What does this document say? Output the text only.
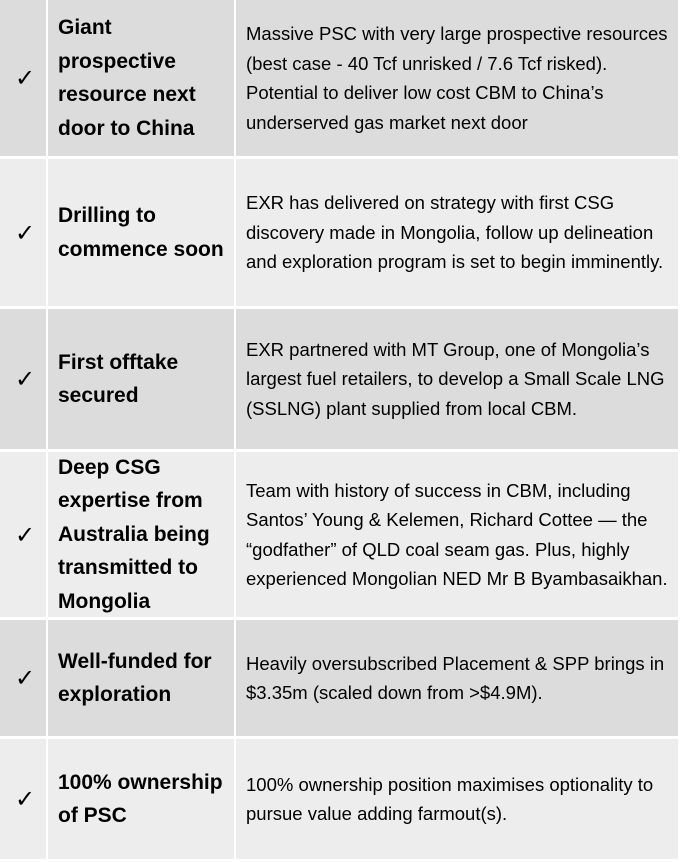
✓
Giant prospective resource next door to China
Massive PSC with very large prospective resources (best case - 40 Tcf unrisked / 7.6 Tcf risked). Potential to deliver low cost CBM to China’s underserved gas market next door
✓
Drilling to commence soon
EXR has delivered on strategy with first CSG discovery made in Mongolia, follow up delineation and exploration program is set to begin imminently.
✓
First offtake secured
EXR partnered with MT Group, one of Mongolia’s largest fuel retailers, to develop a Small Scale LNG (SSLNG) plant supplied from local CBM.
✓
Deep CSG expertise from Australia being transmitted to Mongolia
Team with history of success in CBM, including Santos’ Young & Kelemen, Richard Cottee — the “godfather” of QLD coal seam gas. Plus, highly experienced Mongolian NED Mr B Byambasaikhan.
✓
Well-funded for exploration
Heavily oversubscribed Placement & SPP brings in $3.35m (scaled down from >$4.9M).
✓
100% ownership of PSC
100% ownership position maximises optionality to pursue value adding farmout(s).
